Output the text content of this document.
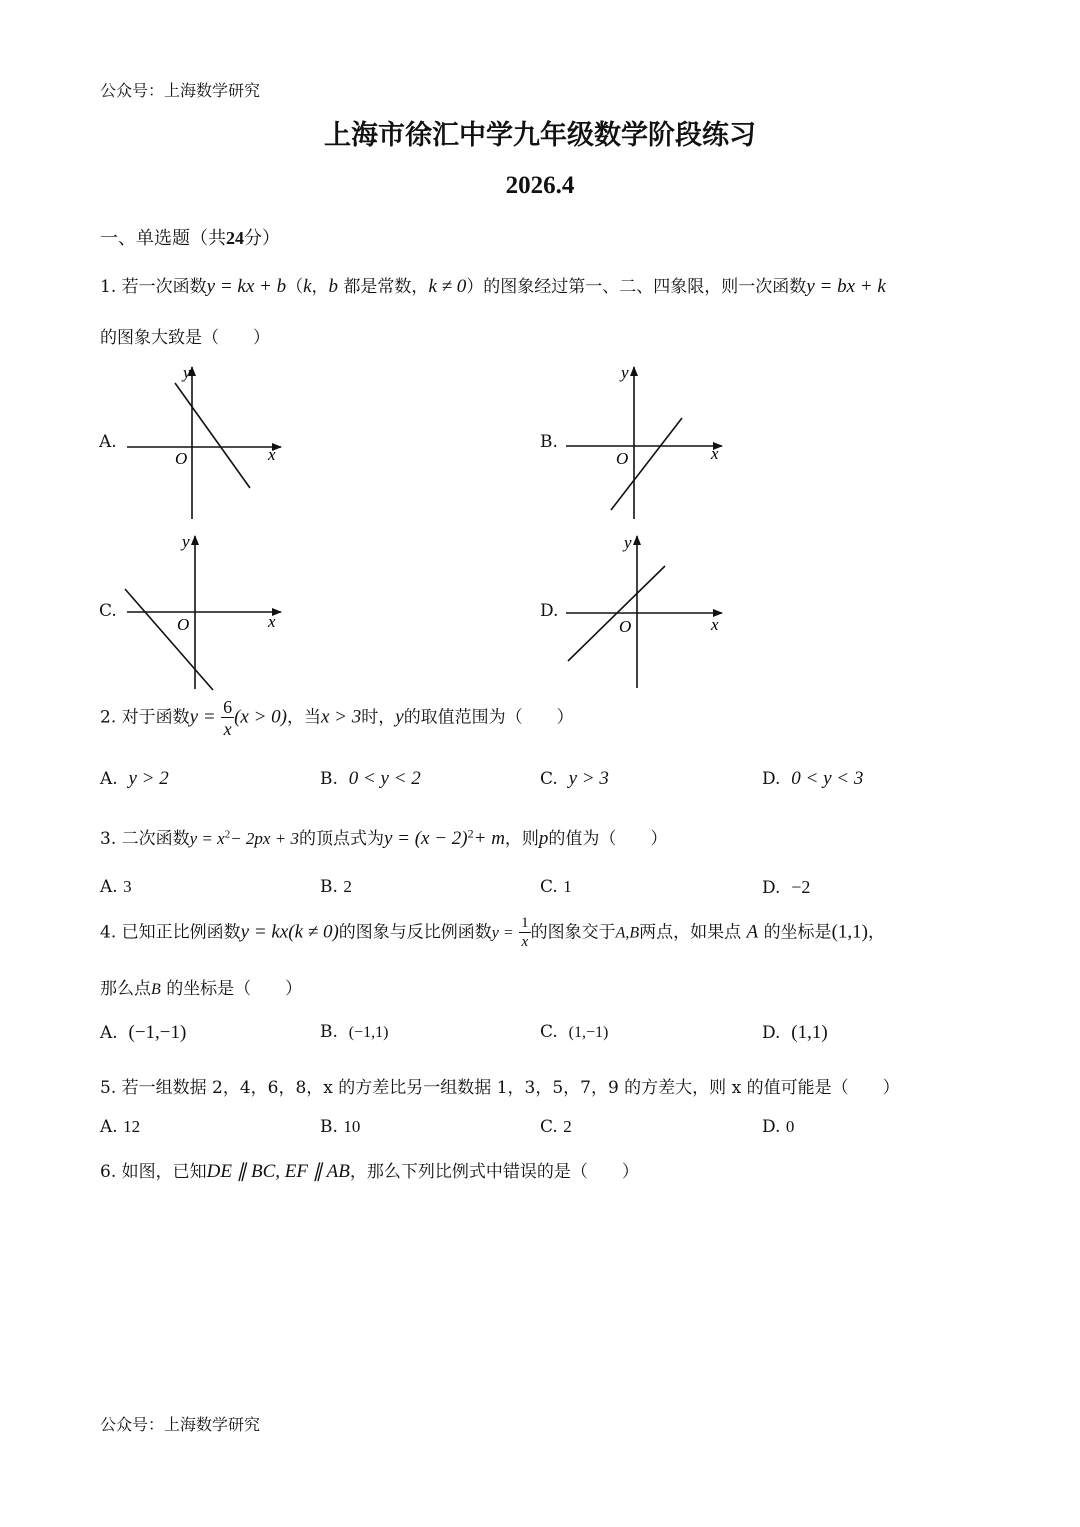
公众号：上海数学研究
上海市徐汇中学九年级数学阶段练习
2026.4
一、单选题（共24分）
1. 若一次函数y = kx + b（k，b 都是常数，k ≠ 0）的图象经过第一、二、四象限，则一次函数y = bx + k
的图象大致是（　　）
A.	B.
C.	D.
y
x
O
y
x
O
y
x
O
y
x
O
2. 对于函数$y = \frac{6}{x} (x > 0)$，当x > 3时，y的取值范围为（　　）
A. y > 2	B. 0 < y < 2	C. y > 3	D. 0 < y < 3
3. 二次函数$y = x^2- 2px + 3$的顶点式为$y = (x - 2)^2+ m$，则p的值为（　　）
A. 3	B. 2	C. 1	D. −2
4. 已知正比例函数y = kx(k ≠ 0)的图象与反比例函数$y = \frac{1}{x}$ 的图象交于A,B两点，如果点 A 的坐标是(1,1)，
那么点B 的坐标是（　　）
A. (−1,−1)	B. (−1,1)	C. (1,−1)	D. (1,1)
5. 若一组数据 2，4，6，8，x 的方差比另一组数据 1，3，5，7，9 的方差大，则 x 的值可能是（　　）
A. 12	B. 10	C. 2	D. 0
6. 如图，已知DE ∥ BC, EF ∥ AB，那么下列比例式中错误的是（　　）
公众号：上海数学研究
